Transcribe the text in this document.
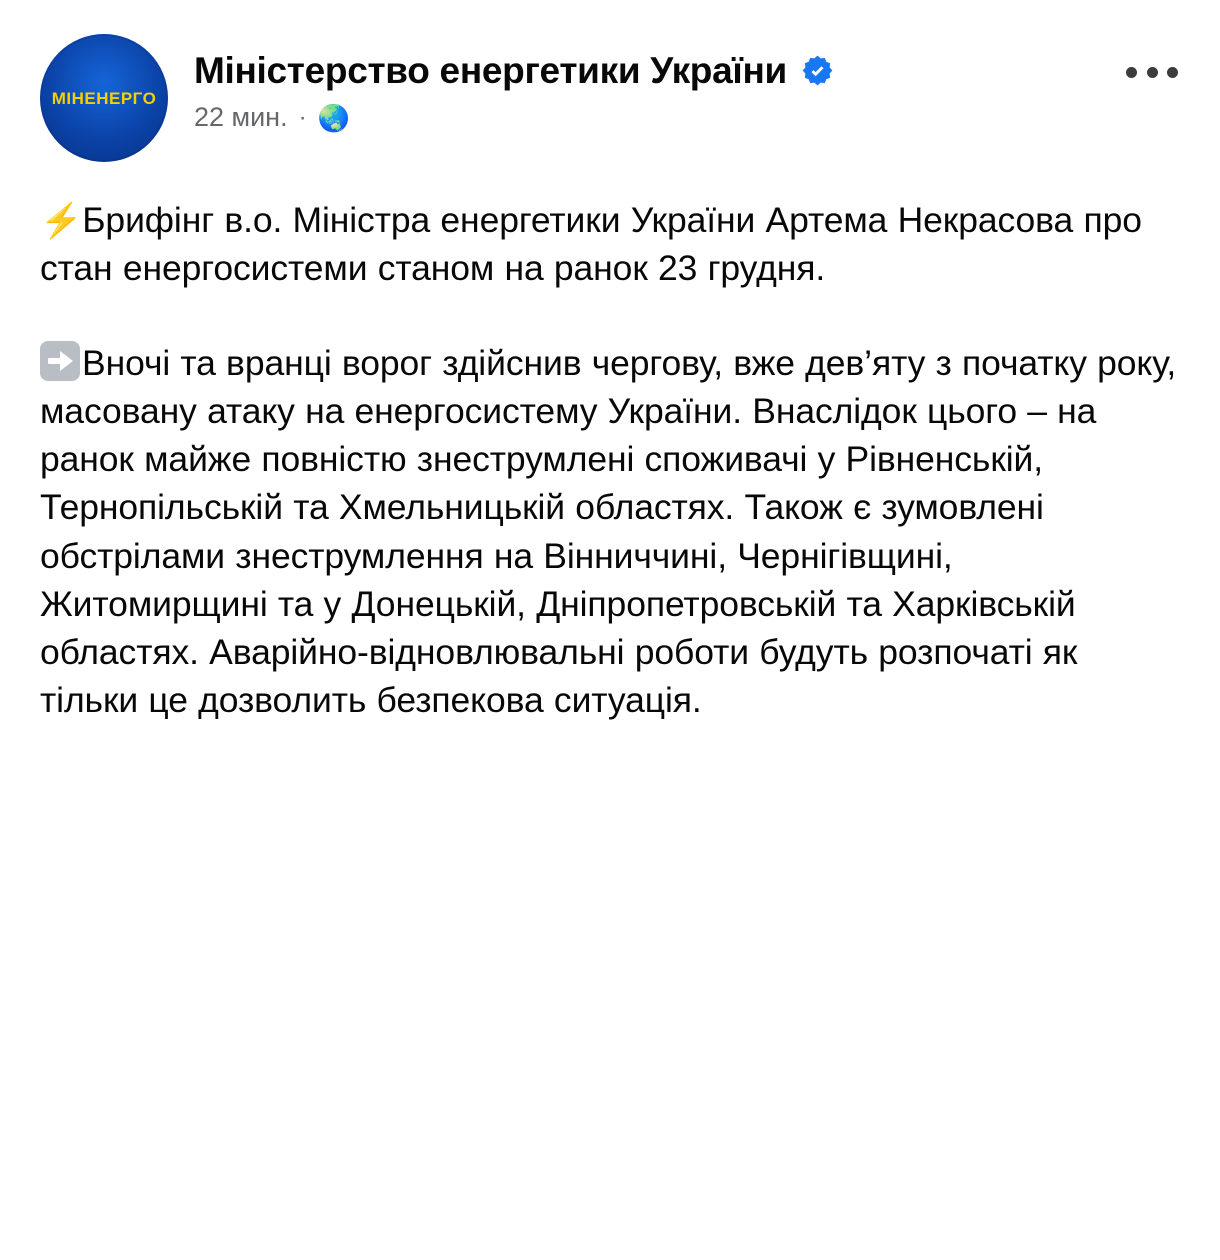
МІНЕНЕРГО
Міністерство енергетики України
22 мин. · 🌏

⚡Брифінг в.о. Міністра енергетики України Артема Некрасова про стан енергосистеми станом на ранок 23 грудня.

Вночі та вранці ворог здійснив чергову, вже дев’яту з початку року, масовану атаку на енергосистему України. Внаслідок цього – на ранок майже повністю знеструмлені споживачі у Рівненській, Тернопільській та Хмельницькій областях. Також є зумовлені обстрілами знеструмлення на Вінниччині, Чернігівщині, Житомирщині та у Донецькій, Дніпропетровській та Харківській областях. Аварійно-відновлювальні роботи будуть розпочаті як тільки це дозволить безпекова ситуація.
